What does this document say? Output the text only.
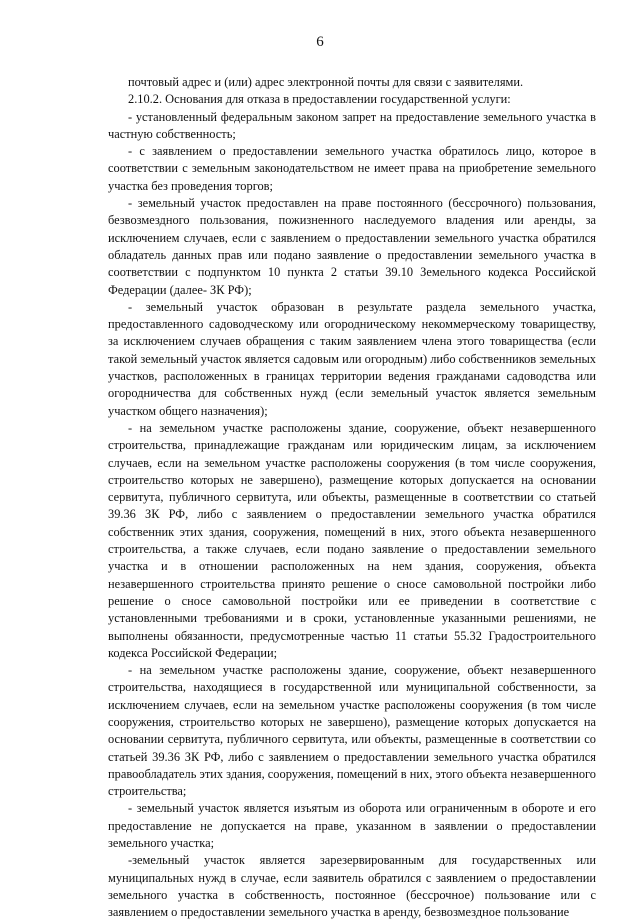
6

почтовый адрес и (или) адрес электронной почты для связи с заявителями.

2.10.2. Основания для отказа в предоставлении государственной услуги:

- установленный федеральным законом запрет на предоставление земельного участка в частную собственность;

- с заявлением о предоставлении земельного участка обратилось лицо, которое в соответствии с земельным законодательством не имеет права на приобретение земельного участка без проведения торгов;

- земельный участок предоставлен на праве постоянного (бессрочного) пользования, безвозмездного пользования, пожизненного наследуемого владения или аренды, за исключением случаев, если с заявлением о предоставлении земельного участка обратился обладатель данных прав или подано заявление о предоставлении земельного участка в соответствии с подпунктом 10 пункта 2 статьи 39.10 Земельного кодекса Российской Федерации (далее- ЗК РФ);

- земельный участок образован в результате раздела земельного участка, предоставленного садоводческому или огородническому некоммерческому товариществу, за исключением случаев обращения с таким заявлением члена этого товарищества (если такой земельный участок является садовым или огородным) либо собственников земельных участков, расположенных в границах территории ведения гражданами садоводства или огородничества для собственных нужд (если земельный участок является земельным участком общего назначения);

- на земельном участке расположены здание, сооружение, объект незавершенного строительства, принадлежащие гражданам или юридическим лицам, за исключением случаев, если на земельном участке расположены сооружения (в том числе сооружения, строительство которых не завершено), размещение которых допускается на основании сервитута, публичного сервитута, или объекты, размещенные в соответствии со статьей 39.36 ЗК РФ, либо с заявлением о предоставлении земельного участка обратился собственник этих здания, сооружения, помещений в них, этого объекта незавершенного строительства, а также случаев, если подано заявление о предоставлении земельного участка и в отношении расположенных на нем здания, сооружения, объекта незавершенного строительства принято решение о сносе самовольной постройки либо решение о сносе самовольной постройки или ее приведении в соответствие с установленными требованиями и в сроки, установленные указанными решениями, не выполнены обязанности, предусмотренные частью 11 статьи 55.32 Градостроительного кодекса Российской Федерации;

- на земельном участке расположены здание, сооружение, объект незавершенного строительства, находящиеся в государственной или муниципальной собственности, за исключением случаев, если на земельном участке расположены сооружения (в том числе сооружения, строительство которых не завершено), размещение которых допускается на основании сервитута, публичного сервитута, или объекты, размещенные в соответствии со статьей 39.36 ЗК РФ, либо с заявлением о предоставлении земельного участка обратился правообладатель этих здания, сооружения, помещений в них, этого объекта незавершенного строительства;

- земельный участок является изъятым из оборота или ограниченным в обороте и его предоставление не допускается на праве, указанном в заявлении о предоставлении земельного участка;

-земельный участок является зарезервированным для государственных или муниципальных нужд в случае, если заявитель обратился с заявлением о предоставлении земельного участка в собственность, постоянное (бессрочное) пользование или с заявлением о предоставлении земельного участка в аренду, безвозмездное пользование
